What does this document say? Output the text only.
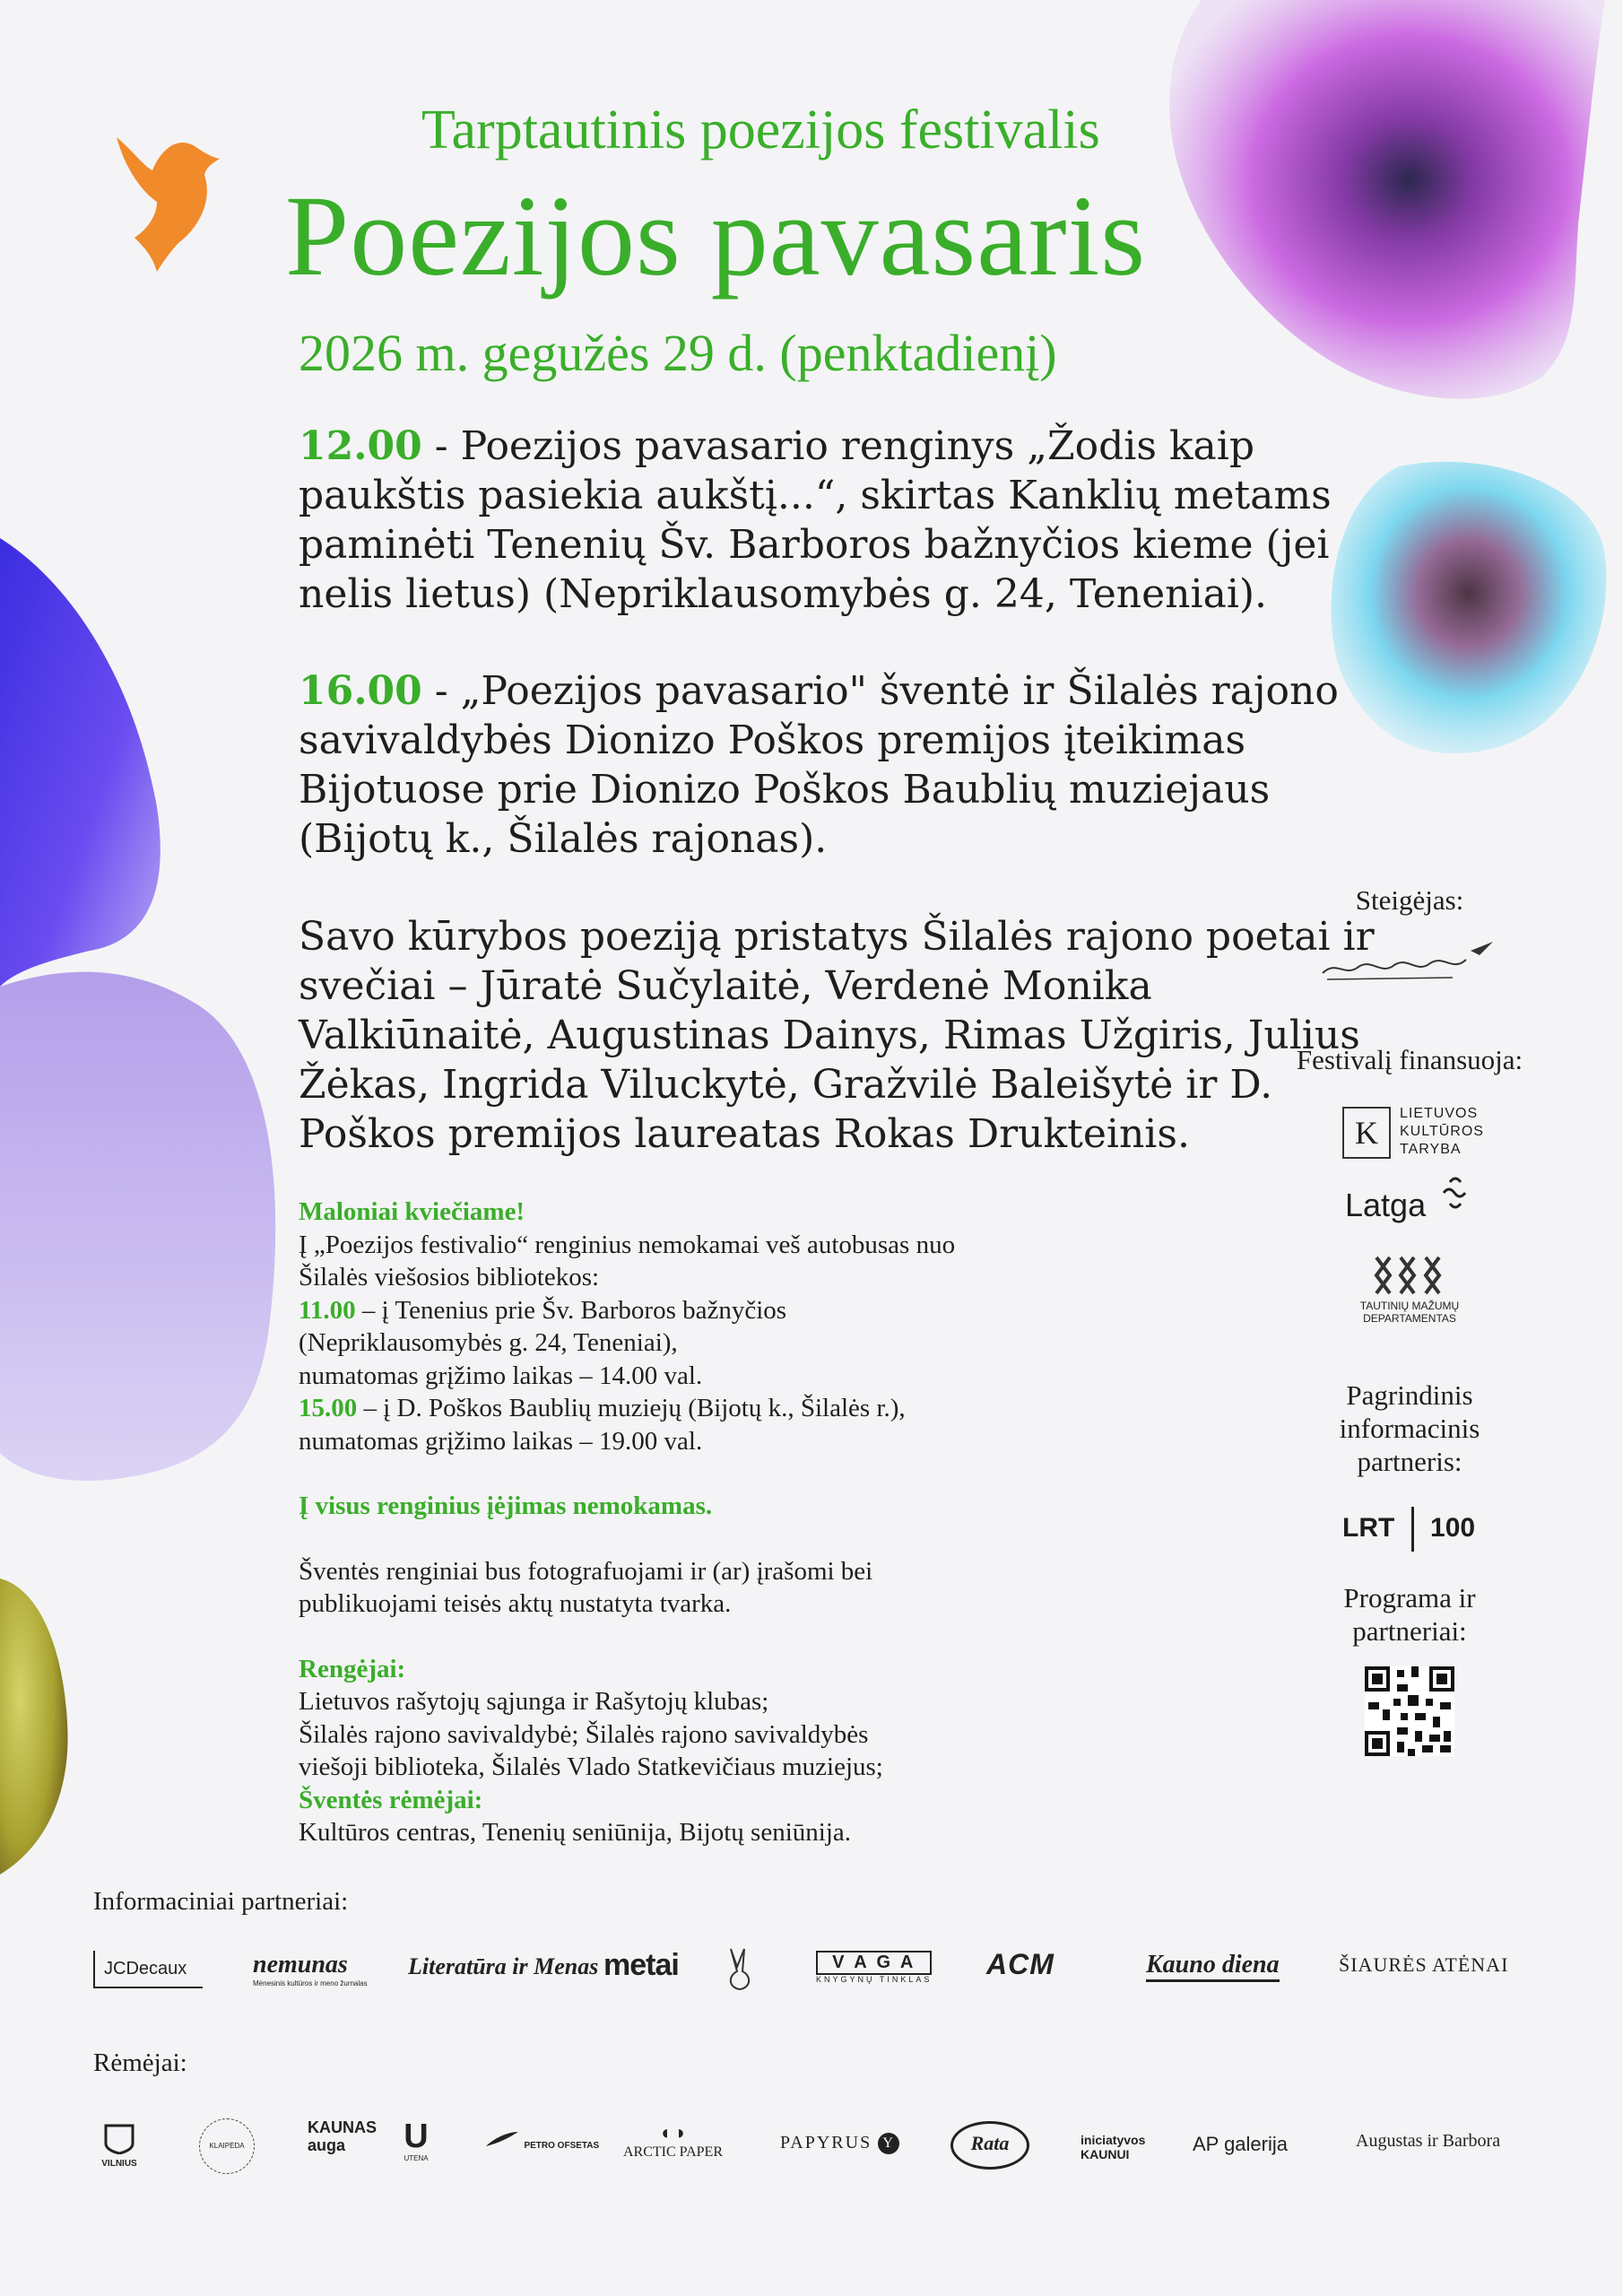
Tarptautinis poezijos festivalis
Poezijos pavasaris
2026 m. gegužės 29 d. (penktadienį)

12.00 - Poezijos pavasario renginys „Žodis kaip paukštis pasiekia aukštį...“, skirtas Kanklių metams paminėti Tenenių Šv. Barboros bažnyčios kieme (jei nelis lietus) (Nepriklausomybės g. 24, Teneniai).

16.00 - „Poezijos pavasario" šventė ir Šilalės rajono savivaldybės Dionizo Poškos premijos įteikimas Bijotuose prie Dionizo Poškos Baublių muziejaus (Bijotų k., Šilalės rajonas).

Savo kūrybos poeziją pristatys Šilalės rajono poetai ir svečiai – Jūratė Sučylaitė, Verdenė Monika Valkiūnaitė, Augustinas Dainys, Rimas Užgiris, Julius Žėkas, Ingrida Viluckytė, Gražvilė Baleišytė ir D. Poškos premijos laureatas Rokas Drukteinis.

Maloniai kviečiame!

Į „Poezijos festivalio“ renginius nemokamai veš autobusas nuo

Šilalės viešosios bibliotekos:

11.00 – į Tenenius prie Šv. Barboros bažnyčios

(Nepriklausomybės g. 24, Teneniai),

numatomas grįžimo laikas – 14.00 val.

15.00 – į D. Poškos Baublių muziejų (Bijotų k., Šilalės r.),

numatomas grįžimo laikas – 19.00 val.

Į visus renginius įėjimas nemokamas.

Šventės renginiai bus fotografuojami ir (ar) įrašomi bei

publikuojami teisės aktų nustatyta tvarka.

Rengėjai:

Lietuvos rašytojų sąjunga ir Rašytojų klubas;

Šilalės rajono savivaldybė; Šilalės rajono savivaldybės

viešoji biblioteka, Šilalės Vlado Statkevičiaus muziejus;

Šventės rėmėjai:

Kultūros centras, Tenenių seniūnija, Bijotų seniūnija.

Steigėjas:
Festivalį finansuoja:
K
LIETUVOS
KULTŪROS
TARYBA
Latga
TAUTINIŲ MAŽUMŲ
DEPARTAMENTAS
Pagrindinis
informacinis
partneris:
LRT 100
Programa ir
partneriai:
Informaciniai partneriai:
JCDecaux	nemunas
Mėnesinis kultūros ir meno žurnalas
Literatūra ir Menas metai	V A G A
KNYGYNŲ TINKLAS ACM	Kauno diena	ŠIAURĖS ATĖNAI
Rėmėjai:
VILNIUS
KLAIPĖDA
KAUNAS auga U
UTENA
PETRO OFSETAS
◐◑
ARCTIC PAPER	PAPYRUS Y	Rata	iniciatyvos KAUNUI	AP galerija	Augustas ir Barbora
